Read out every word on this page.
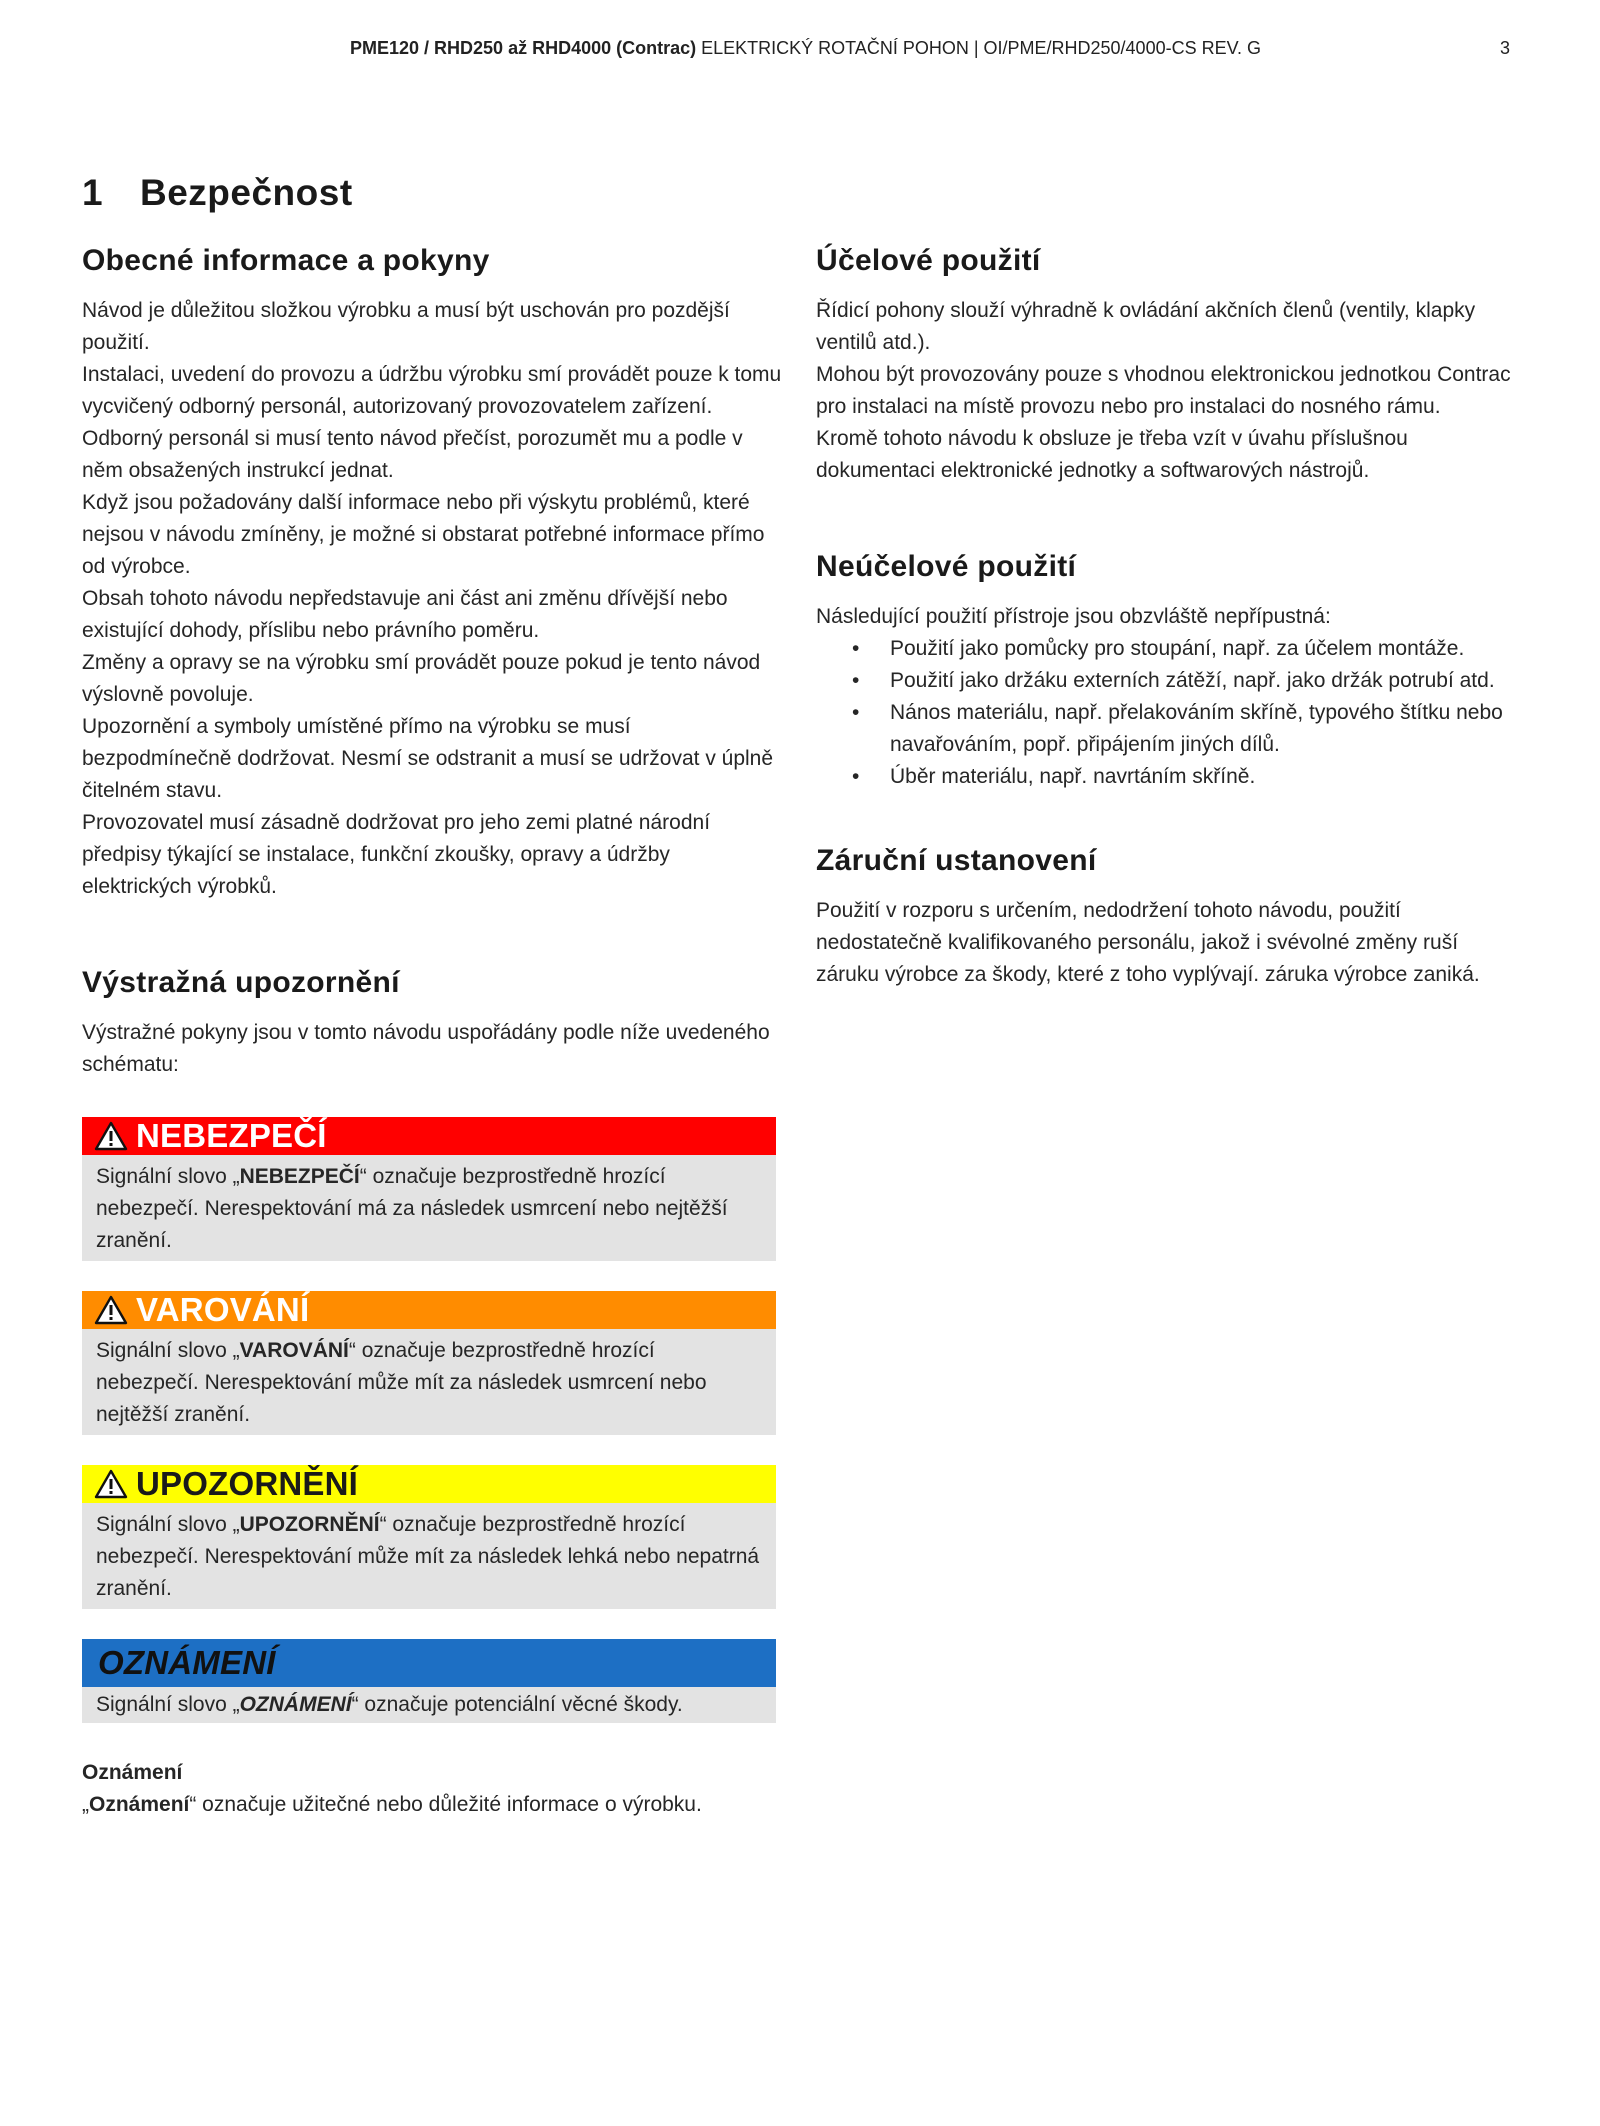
PME120 / RHD250 až RHD4000 (Contrac) ELEKTRICKÝ ROTAČNÍ POHON | OI/PME/RHD250/4000-CS REV. G	3
1 Bezpečnost
Obecné informace a pokyny

Návod je důležitou složkou výrobku a musí být uschován pro pozdější použití.

Instalaci, uvedení do provozu a údržbu výrobku smí provádět pouze k tomu vycvičený odborný personál, autorizovaný provozovatelem zařízení. Odborný personál si musí tento návod přečíst, porozumět mu a podle v něm obsažených instrukcí jednat.

Když jsou požadovány další informace nebo při výskytu problémů, které nejsou v návodu zmíněny, je možné si obstarat potřebné informace přímo od výrobce.

Obsah tohoto návodu nepředstavuje ani část ani změnu dřívější nebo existující dohody, příslibu nebo právního poměru.

Změny a opravy se na výrobku smí provádět pouze pokud je tento návod výslovně povoluje.

Upozornění a symboly umístěné přímo na výrobku se musí bezpodmínečně dodržovat. Nesmí se odstranit a musí se udržovat v úplně čitelném stavu.

Provozovatel musí zásadně dodržovat pro jeho zemi platné národní předpisy týkající se instalace, funkční zkoušky, opravy a údržby elektrických výrobků.

Výstražná upozornění

Výstražné pokyny jsou v tomto návodu uspořádány podle níže uvedeného schématu:

NEBEZPEČÍ
Signální slovo „NEBEZPEČÍ“ označuje bezprostředně hrozící nebezpečí. Nerespektování má za následek usmrcení nebo nejtěžší zranění.
VAROVÁNÍ
Signální slovo „VAROVÁNÍ“ označuje bezprostředně hrozící nebezpečí. Nerespektování může mít za následek usmrcení nebo nejtěžší zranění.
UPOZORNĚNÍ
Signální slovo „UPOZORNĚNÍ“ označuje bezprostředně hrozící nebezpečí. Nerespektování může mít za následek lehká nebo nepatrná zranění.
OZNÁMENÍ
Signální slovo „OZNÁMENÍ“ označuje potenciální věcné škody.
Oznámení

„Oznámení“ označuje užitečné nebo důležité informace o výrobku.

Účelové použití

Řídicí pohony slouží výhradně k ovládání akčních členů (ventily, klapky ventilů atd.).

Mohou být provozovány pouze s vhodnou elektronickou jednotkou Contrac pro instalaci na místě provozu nebo pro instalaci do nosného rámu.

Kromě tohoto návodu k obsluze je třeba vzít v úvahu příslušnou dokumentaci elektronické jednotky a softwarových nástrojů.

Neúčelové použití

Následující použití přístroje jsou obzvláště nepřípustná:

• Použití jako pomůcky pro stoupání, např. za účelem montáže.
• Použití jako držáku externích zátěží, např. jako držák potrubí atd.
• Nános materiálu, např. přelakováním skříně, typového štítku nebo navařováním, popř. připájením jiných dílů.
• Úběr materiálu, např. navrtáním skříně.
Záruční ustanovení

Použití v rozporu s určením, nedodržení tohoto návodu, použití nedostatečně kvalifikovaného personálu, jakož i svévolné změny ruší záruku výrobce za škody, které z toho vyplývají. záruka výrobce zaniká.
